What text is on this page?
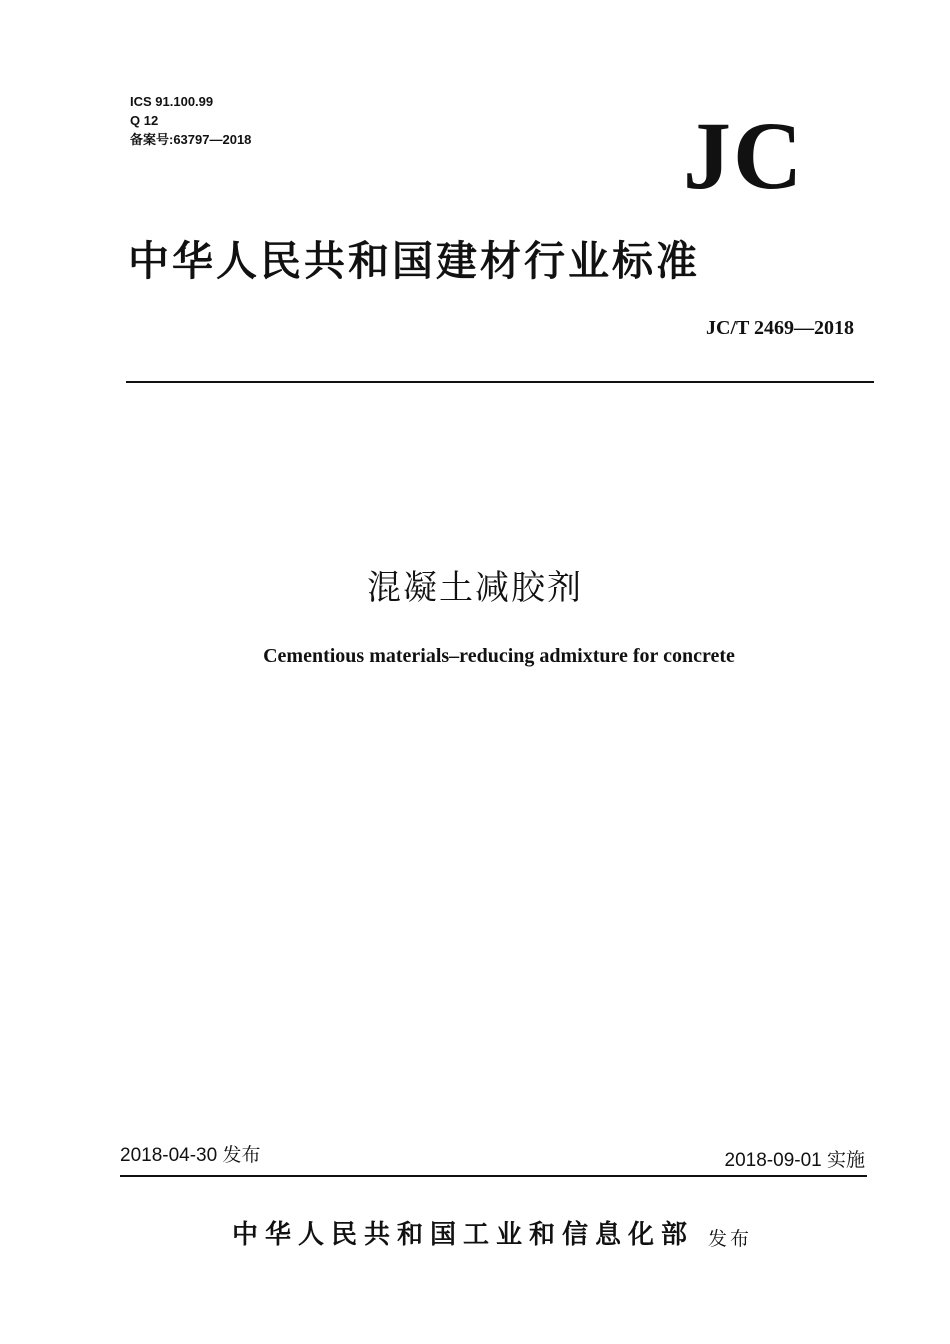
ICS 91.100.99
Q 12
备案号:63797—2018	JC
中华人民共和国建材行业标准
JC/T 2469—2018
混凝土减胶剂
Cementious materials–reducing admixture for concrete
2018-04-30 发布	2018-09-01 实施
中华人民共和国工业和信息化部 发布
